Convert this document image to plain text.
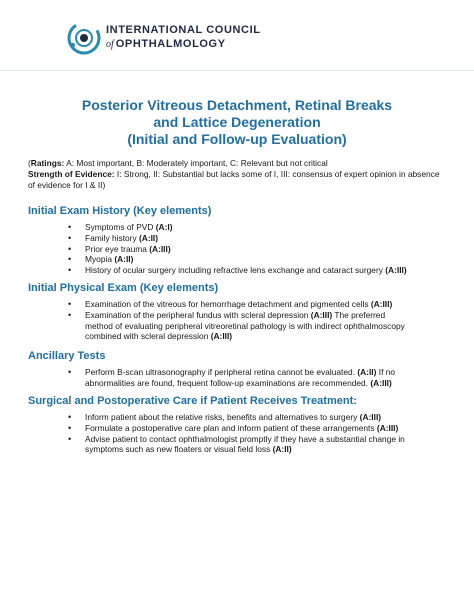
INTERNATIONAL COUNCIL
of OPHTHALMOLOGY
Posterior Vitreous Detachment, Retinal Breaks
and Lattice Degeneration
(Initial and Follow-up Evaluation)
(Ratings: A: Most important, B: Moderately important, C: Relevant but not critical
Strength of Evidence: I: Strong, II: Substantial but lacks some of I, III: consensus of expert opinion in absence of evidence for I & II)
Initial Exam History (Key elements)
• Symptoms of PVD (A:I)
• Family history (A:II)
• Prior eye trauma (A:III)
• Myopia (A:II)
• History of ocular surgery including refractive lens exchange and cataract surgery (A:III)
Initial Physical Exam (Key elements)
• Examination of the vitreous for hemorrhage detachment and pigmented cells (A:III)
• Examination of the peripheral fundus with scleral depression (A:III) The preferred method of evaluating peripheral vitreoretinal pathology is with indirect ophthalmoscopy combined with scleral depression (A:III)
Ancillary Tests
• Perform B-scan ultrasonography if peripheral retina cannot be evaluated. (A:II) If no abnormalities are found, frequent follow-up examinations are recommended. (A:III)
Surgical and Postoperative Care if Patient Receives Treatment:
• Inform patient about the relative risks, benefits and alternatives to surgery (A:III)
• Formulate a postoperative care plan and inform patient of these arrangements (A:III)
• Advise patient to contact ophthalmologist promptly if they have a substantial change in symptoms such as new floaters or visual field loss (A:II)
